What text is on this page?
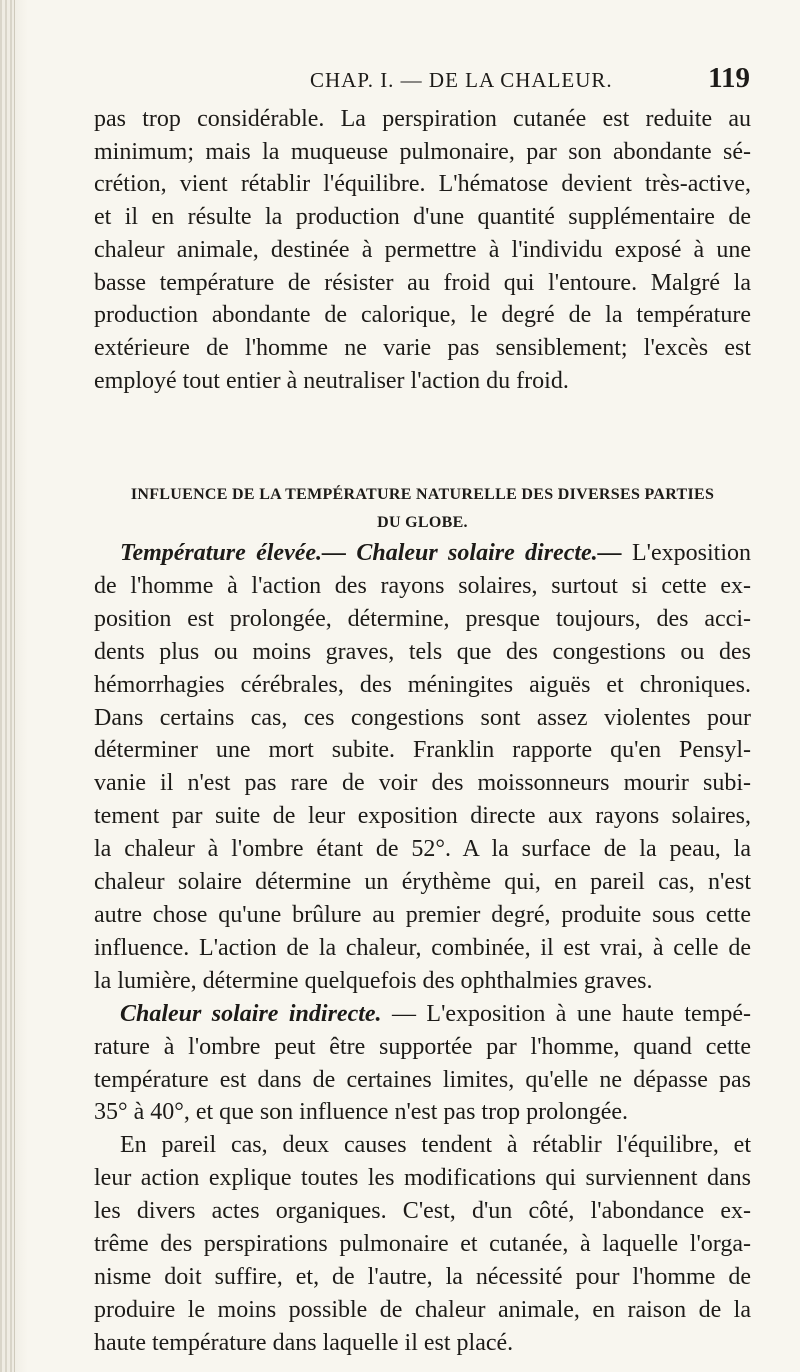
CHAP. I. — DE LA CHALEUR.	119
pas trop considérable. La perspiration cutanée est reduite au
minimum; mais la muqueuse pulmonaire, par son abondante sé-
crétion, vient rétablir l'équilibre. L'hématose devient très-active,
et il en résulte la production d'une quantité supplémentaire de
chaleur animale, destinée à permettre à l'individu exposé à une
basse température de résister au froid qui l'entoure. Malgré la
production abondante de calorique, le degré de la température
extérieure de l'homme ne varie pas sensiblement; l'excès est
employé tout entier à neutraliser l'action du froid.
INFLUENCE DE LA TEMPÉRATURE NATURELLE DES DIVERSES PARTIES
DU GLOBE.
Température élevée.— Chaleur solaire directe.— L'exposition
de l'homme à l'action des rayons solaires, surtout si cette ex-
position est prolongée, détermine, presque toujours, des acci-
dents plus ou moins graves, tels que des congestions ou des
hémorrhagies cérébrales, des méningites aiguës et chroniques.
Dans certains cas, ces congestions sont assez violentes pour
déterminer une mort subite. Franklin rapporte qu'en Pensyl-
vanie il n'est pas rare de voir des moissonneurs mourir subi-
tement par suite de leur exposition directe aux rayons solaires,
la chaleur à l'ombre étant de 52°. A la surface de la peau, la
chaleur solaire détermine un érythème qui, en pareil cas, n'est
autre chose qu'une brûlure au premier degré, produite sous cette
influence. L'action de la chaleur, combinée, il est vrai, à celle de
la lumière, détermine quelquefois des ophthalmies graves.
Chaleur solaire indirecte. — L'exposition à une haute tempé-
rature à l'ombre peut être supportée par l'homme, quand cette
température est dans de certaines limites, qu'elle ne dépasse pas
35° à 40°, et que son influence n'est pas trop prolongée.
En pareil cas, deux causes tendent à rétablir l'équilibre, et
leur action explique toutes les modifications qui surviennent dans
les divers actes organiques. C'est, d'un côté, l'abondance ex-
trême des perspirations pulmonaire et cutanée, à laquelle l'orga-
nisme doit suffire, et, de l'autre, la nécessité pour l'homme de
produire le moins possible de chaleur animale, en raison de la
haute température dans laquelle il est placé.
